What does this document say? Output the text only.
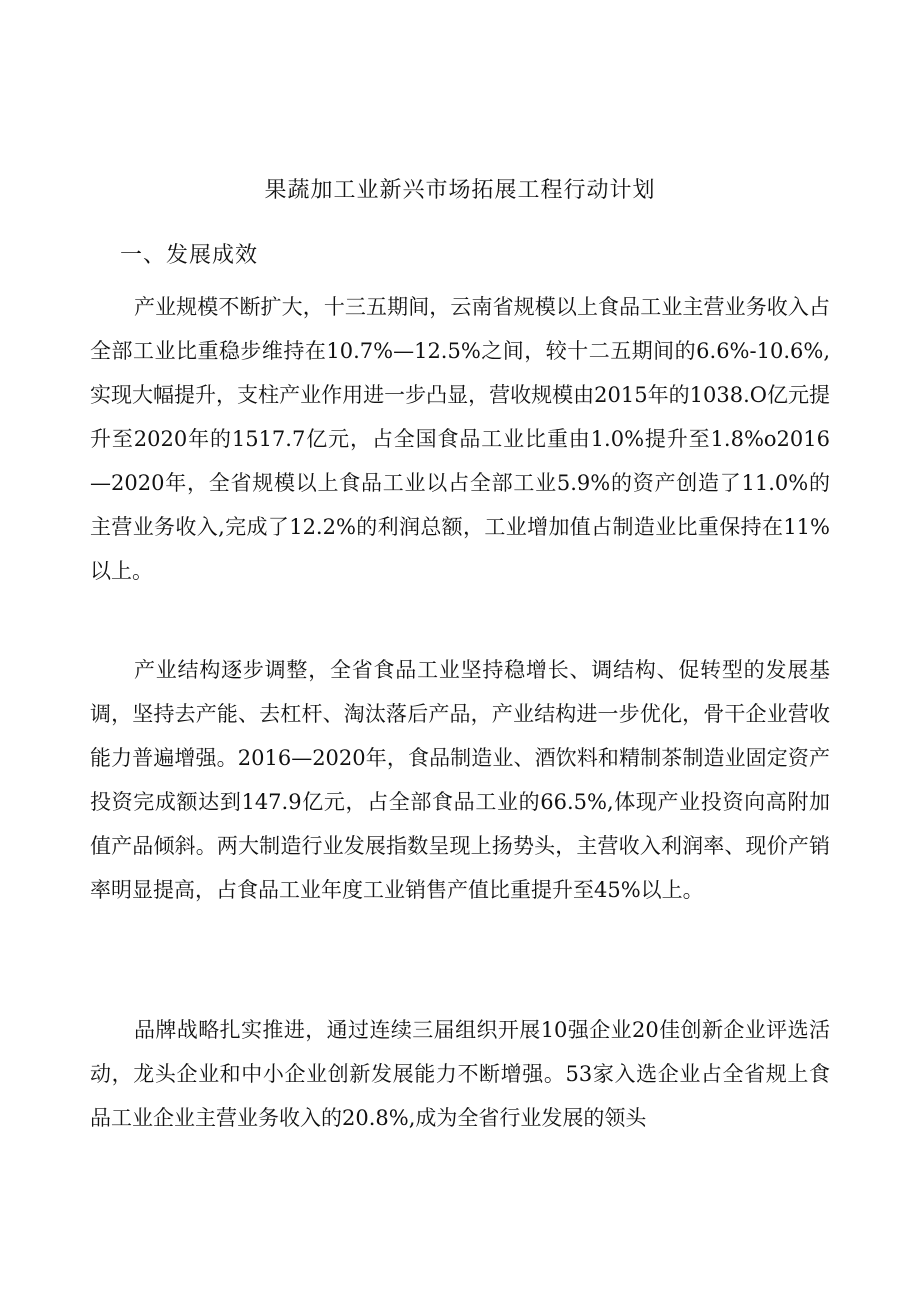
果蔬加工业新兴市场拓展工程行动计划
一、发展成效

产业规模不断扩大，十三五期间，云南省规模以上食品工业主营业务收入占全部工业比重稳步维持在10.7%—12.5%之间，较十二五期间的6.6%-10.6%,实现大幅提升，支柱产业作用进一步凸显，营收规模由2015年的1038.O亿元提升至2020年的1517.7亿元，占全国食品工业比重由1.0%提升至1.8%o2016—2020年，全省规模以上食品工业以占全部工业5.9%的资产创造了11.0%的主营业务收入,完成了12.2%的利润总额，工业增加值占制造业比重保持在11%以上。

产业结构逐步调整，全省食品工业坚持稳增长、调结构、促转型的发展基调，坚持去产能、去杠杆、淘汰落后产品，产业结构进一步优化，骨干企业营收能力普遍增强。2016—2020年，食品制造业、酒饮料和精制茶制造业固定资产投资完成额达到147.9亿元，占全部食品工业的66.5%,体现产业投资向高附加值产品倾斜。两大制造行业发展指数呈现上扬势头，主营收入利润率、现价产销率明显提高，占食品工业年度工业销售产值比重提升至45%以上。

品牌战略扎实推进，通过连续三届组织开展10强企业20佳创新企业评选活动，龙头企业和中小企业创新发展能力不断增强。53家入选企业占全省规上食品工业企业主营业务收入的20.8%,成为全省行业发展的领头
